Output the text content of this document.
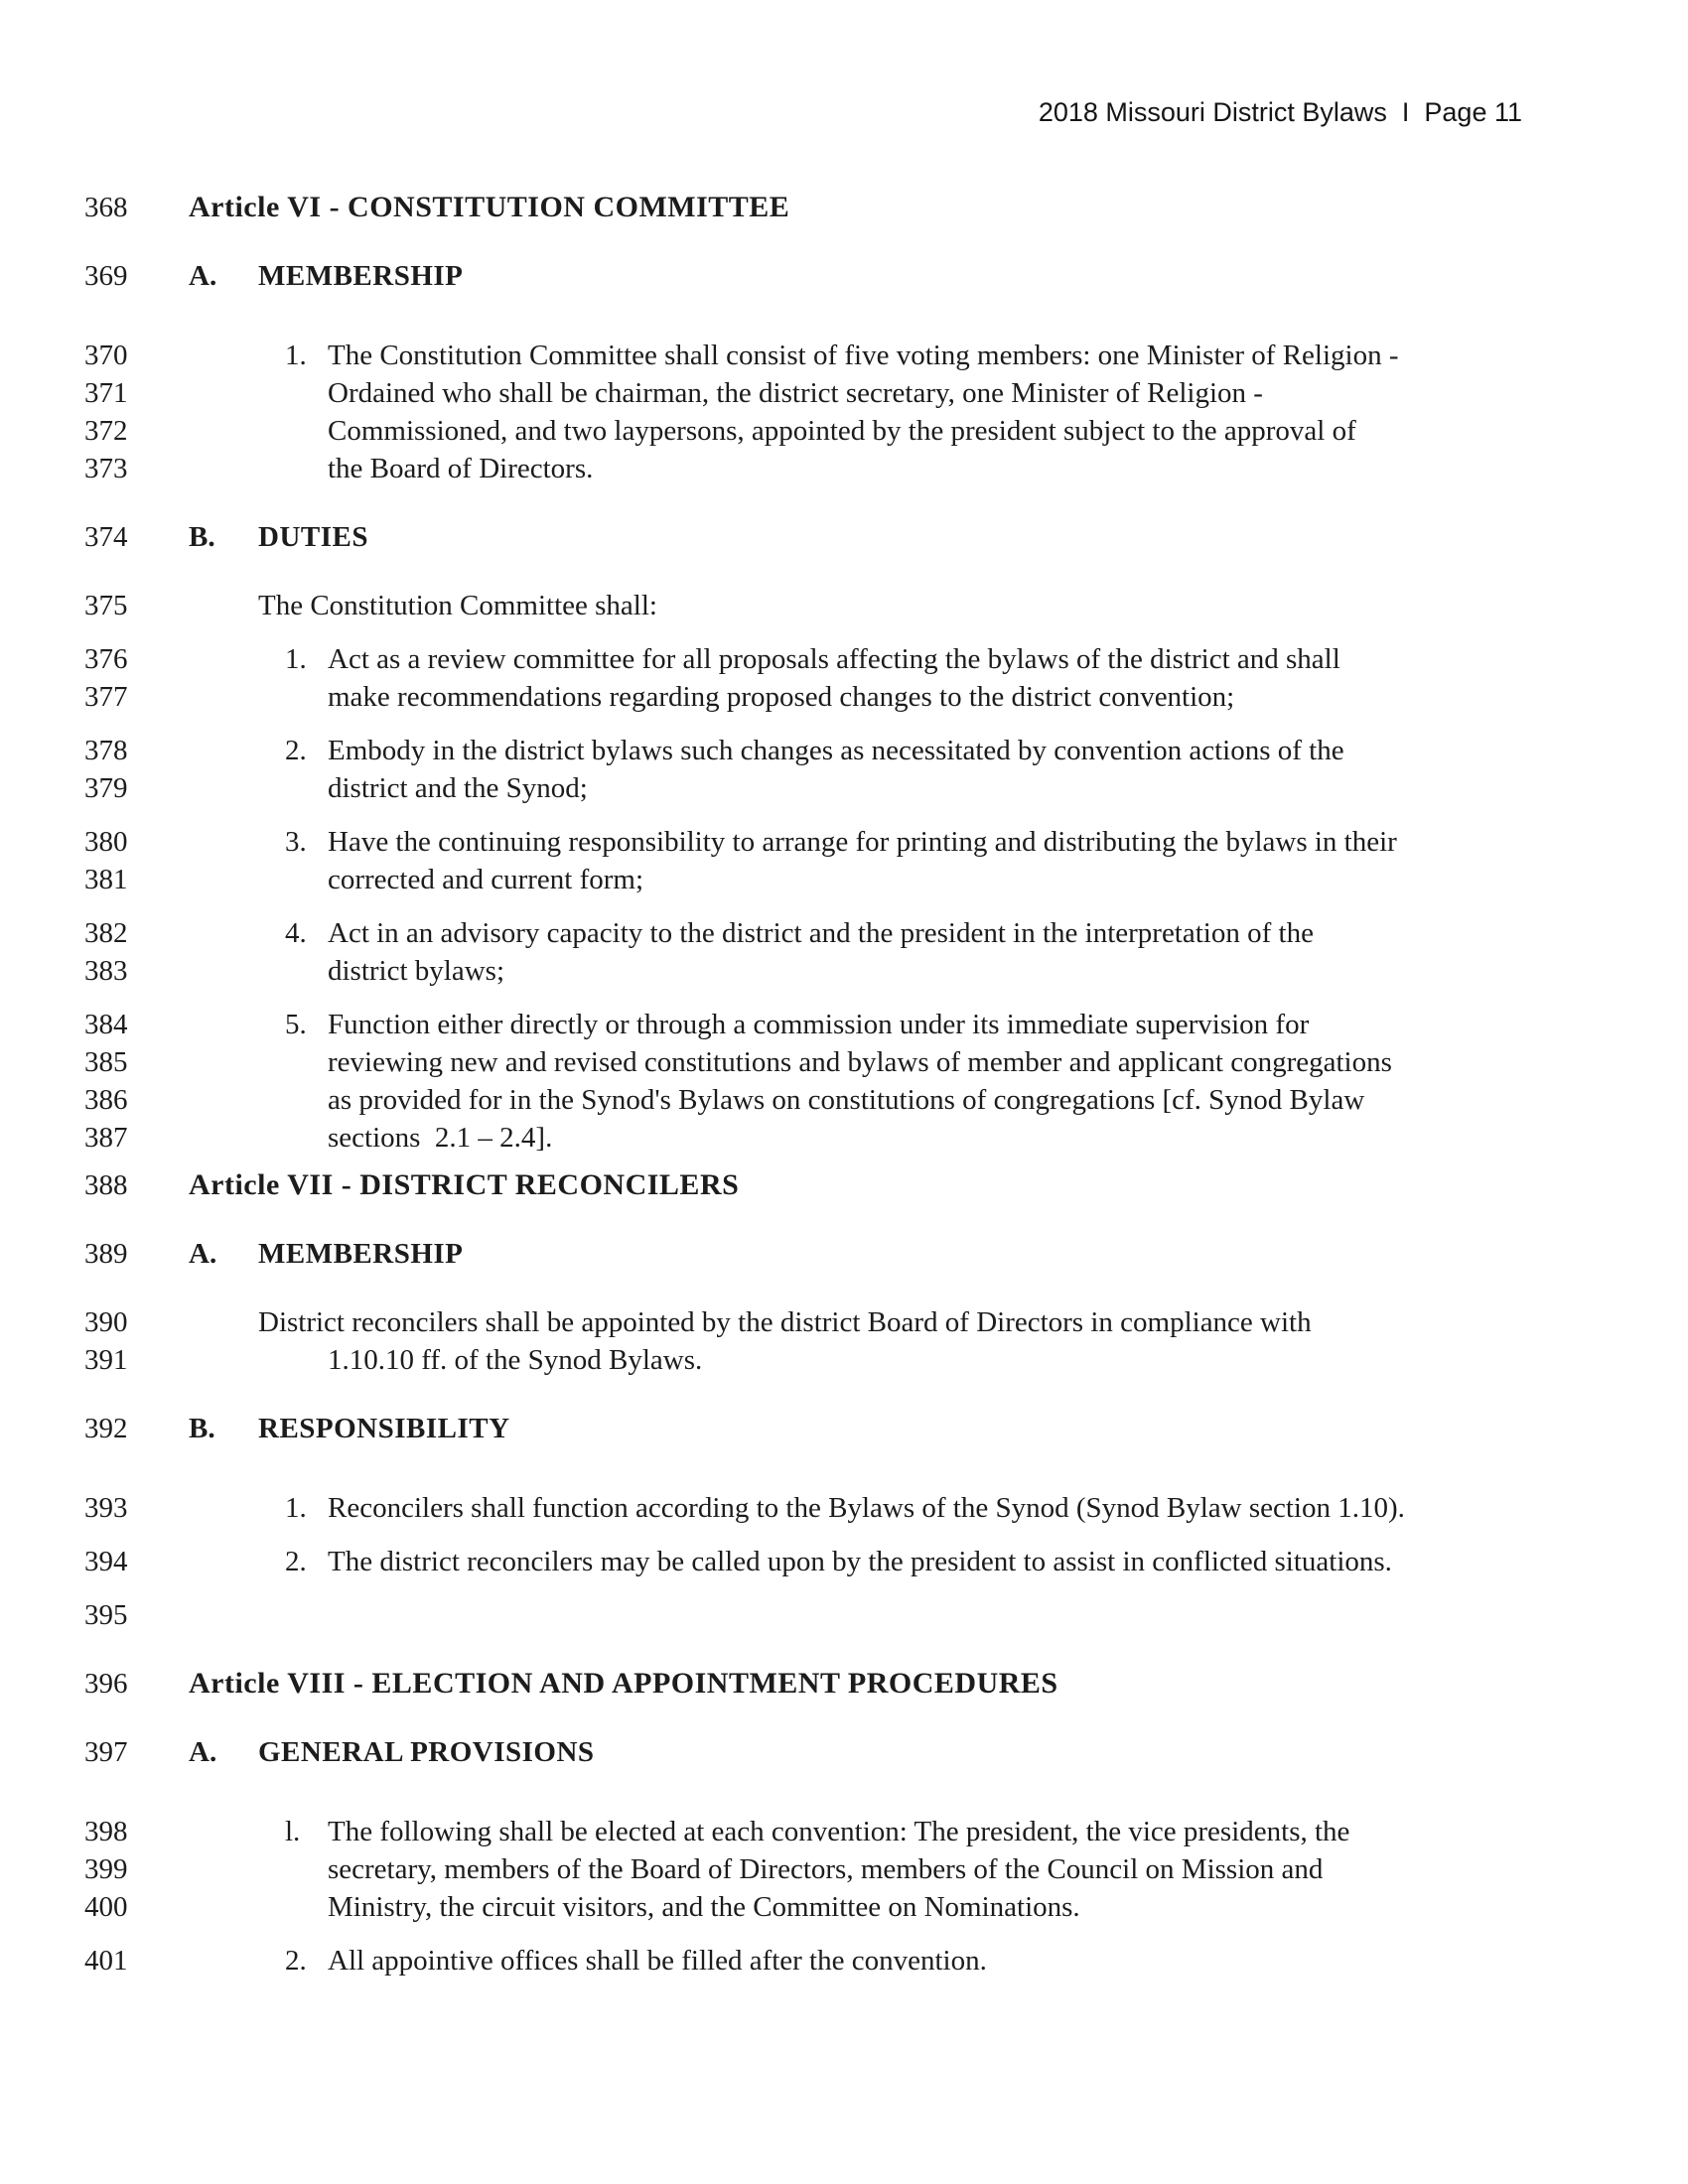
2018 Missouri District Bylaws  I  Page 11
368	Article VI - CONSTITUTION COMMITTEE
369	A.	MEMBERSHIP
370	1. The Constitution Committee shall consist of five voting members: one Minister of Religion -
371	Ordained who shall be chairman, the district secretary, one Minister of Religion -
372	Commissioned, and two laypersons, appointed by the president subject to the approval of
373	the Board of Directors.
374	B.	DUTIES
375	The Constitution Committee shall:
376	1. Act as a review committee for all proposals affecting the bylaws of the district and shall
377	make recommendations regarding proposed changes to the district convention;
378	2. Embody in the district bylaws such changes as necessitated by convention actions of the
379	district and the Synod;
380	3. Have the continuing responsibility to arrange for printing and distributing the bylaws in their
381	corrected and current form;
382	4. Act in an advisory capacity to the district and the president in the interpretation of the
383	district bylaws;
384	5. Function either directly or through a commission under its immediate supervision for
385	reviewing new and revised constitutions and bylaws of member and applicant congregations
386	as provided for in the Synod's Bylaws on constitutions of congregations [cf. Synod Bylaw
387	sections  2.1 – 2.4].
388	Article VII - DISTRICT RECONCILERS
389	A.	MEMBERSHIP
390	District reconcilers shall be appointed by the district Board of Directors in compliance with
391	1.10.10 ff. of the Synod Bylaws.
392	B.	RESPONSIBILITY
393	1. Reconcilers shall function according to the Bylaws of the Synod (Synod Bylaw section 1.10).
394	2. The district reconcilers may be called upon by the president to assist in conflicted situations.
395
396	Article VIII - ELECTION AND APPOINTMENT PROCEDURES
397	A.	GENERAL PROVISIONS
398	l. The following shall be elected at each convention: The president, the vice presidents, the
399	secretary, members of the Board of Directors, members of the Council on Mission and
400	Ministry, the circuit visitors, and the Committee on Nominations.
401	2. All appointive offices shall be filled after the convention.
